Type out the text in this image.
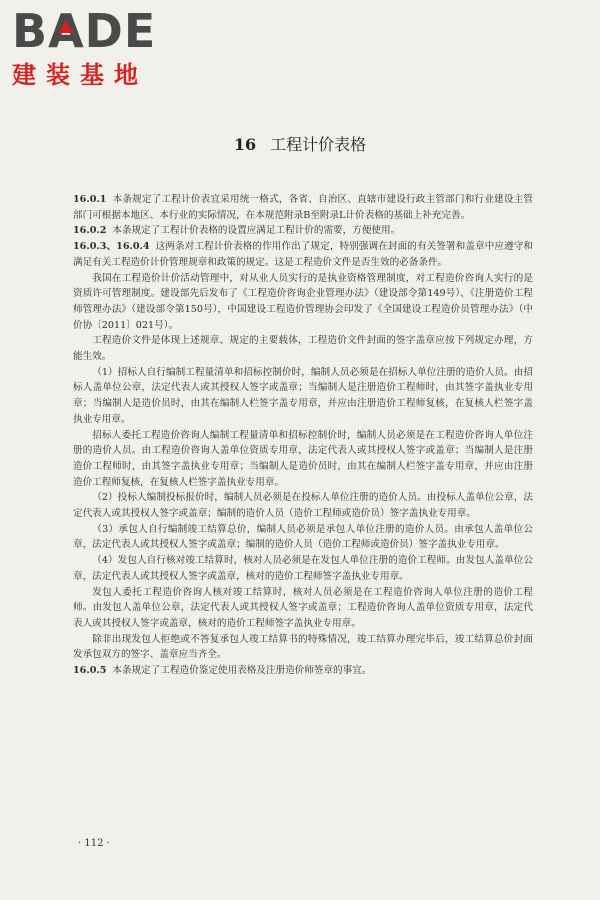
B A DE
建装基地
16 工程计价表格

16.0.1 本条规定了工程计价表宜采用统一格式，各省、自治区、直辖市建设行政主管部门和行业建设主管部门可根据本地区、本行业的实际情况，在本规范附录B至附录L计价表格的基础上补充完善。

16.0.2 本条规定了工程计价表格的设置应满足工程计价的需要，方便使用。

16.0.3、16.0.4 这两条对工程计价表格的作用作出了规定，特别强调在封面的有关签署和盖章中应遵守和满足有关工程造价计价管理规章和政策的规定。这是工程造价文件是否生效的必备条件。

我国在工程造价计价活动管理中，对从业人员实行的是执业资格管理制度，对工程造价咨询人实行的是资质许可管理制度。建设部先后发布了《工程造价咨询企业管理办法》（建设部令第149号）、《注册造价工程师管理办法》（建设部令第150号），中国建设工程造价管理协会印发了《全国建设工程造价员管理办法》（中价协〔2011〕021号）。

工程造价文件是体现上述规章、规定的主要载体，工程造价文件封面的签字盖章应按下列规定办理，方能生效。

（1）招标人自行编制工程量清单和招标控制价时，编制人员必须是在招标人单位注册的造价人员。由招标人盖单位公章，法定代表人或其授权人签字或盖章；当编制人是注册造价工程师时，由其签字盖执业专用章；当编制人是造价员时，由其在编制人栏签字盖专用章，并应由注册造价工程师复核，在复核人栏签字盖执业专用章。

招标人委托工程造价咨询人编制工程量清单和招标控制价时，编制人员必须是在工程造价咨询人单位注册的造价人员。由工程造价咨询人盖单位资质专用章，法定代表人或其授权人签字或盖章；当编制人是注册造价工程师时，由其签字盖执业专用章；当编制人是造价员时，由其在编制人栏签字盖专用章，并应由注册造价工程师复核，在复核人栏签字盖执业专用章。

（2）投标人编制投标报价时，编制人员必须是在投标人单位注册的造价人员。由投标人盖单位公章，法定代表人或其授权人签字或盖章；编制的造价人员（造价工程师或造价员）签字盖执业专用章。

（3）承包人自行编制竣工结算总价，编制人员必须是承包人单位注册的造价人员。由承包人盖单位公章，法定代表人或其授权人签字或盖章；编制的造价人员（造价工程师或造价员）签字盖执业专用章。

（4）发包人自行核对竣工结算时，核对人员必须是在发包人单位注册的造价工程师。由发包人盖单位公章，法定代表人或其授权人签字或盖章，核对的造价工程师签字盖执业专用章。

发包人委托工程造价咨询人核对竣工结算时，核对人员必须是在工程造价咨询人单位注册的造价工程师。由发包人盖单位公章，法定代表人或其授权人签字或盖章；工程造价咨询人盖单位资质专用章，法定代表人或其授权人签字或盖章，核对的造价工程师签字盖执业专用章。

除非出现发包人拒绝或不答复承包人竣工结算书的特殊情况，竣工结算办理完毕后，竣工结算总价封面发承包双方的签字、盖章应当齐全。

16.0.5 本条规定了工程造价鉴定使用表格及注册造价师签章的事宜。

· 112 ·
